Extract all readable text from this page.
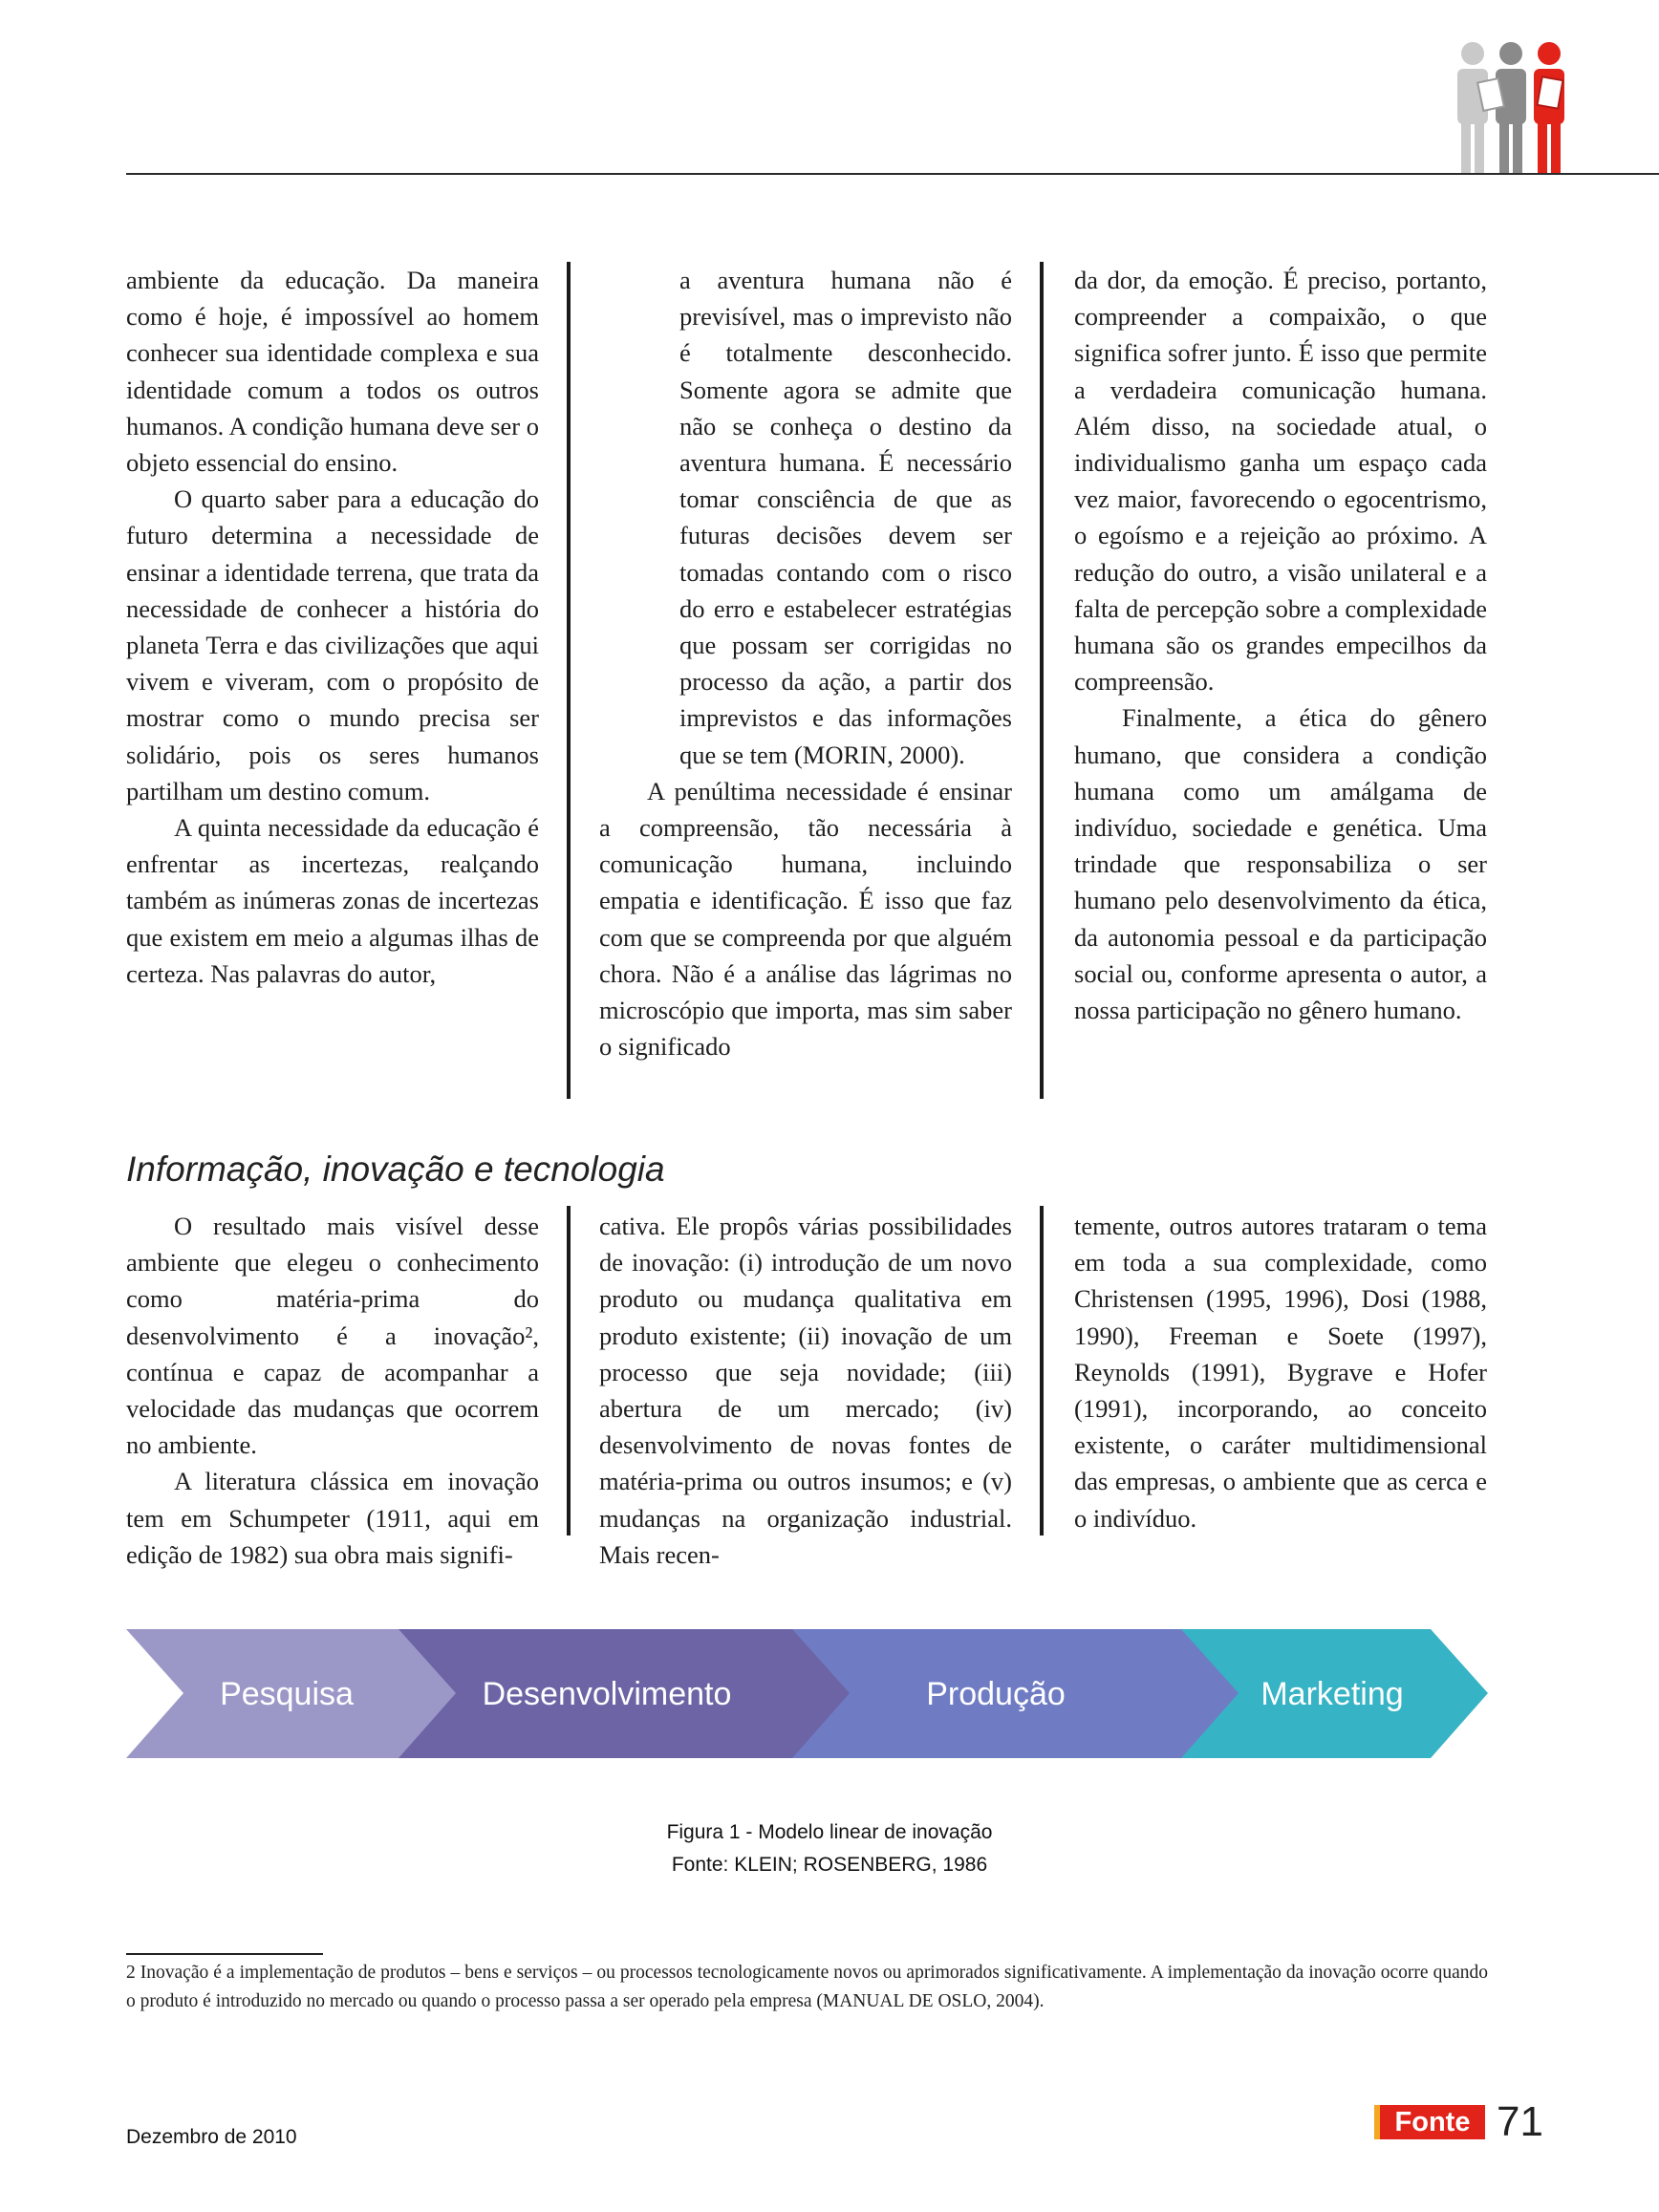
ambiente da educação. Da maneira como é hoje, é impossível ao homem conhecer sua identidade complexa e sua identidade comum a todos os outros humanos. A condição humana deve ser o objeto essencial do ensino.

O quarto saber para a educação do futuro determina a necessidade de ensinar a identidade terrena, que trata da necessidade de conhecer a história do planeta Terra e das civilizações que aqui vivem e viveram, com o propósito de mostrar como o mundo precisa ser solidário, pois os seres humanos partilham um destino comum.

A quinta necessidade da educação é enfrentar as incertezas, realçando também as inúmeras zonas de incertezas que existem em meio a algumas ilhas de certeza. Nas palavras do autor,

a aventura humana não é previsível, mas o imprevisto não é totalmente desconhecido. Somente agora se admite que não se conheça o destino da aventura humana. É necessário tomar consciência de que as futuras decisões devem ser tomadas contando com o risco do erro e estabelecer estratégias que possam ser corrigidas no processo da ação, a partir dos imprevistos e das informações que se tem (MORIN, 2000).

A penúltima necessidade é ensinar a compreensão, tão necessária à comunicação humana, incluindo empatia e identificação. É isso que faz com que se compreenda por que alguém chora. Não é a análise das lágrimas no microscópio que importa, mas sim saber o significado

da dor, da emoção. É preciso, portanto, compreender a compaixão, o que significa sofrer junto. É isso que permite a verdadeira comunicação humana. Além disso, na sociedade atual, o individualismo ganha um espaço cada vez maior, favorecendo o egocentrismo, o egoísmo e a rejeição ao próximo. A redução do outro, a visão unilateral e a falta de percepção sobre a complexidade humana são os grandes empecilhos da compreensão.

Finalmente, a ética do gênero humano, que considera a condição humana como um amálgama de indivíduo, sociedade e genética. Uma trindade que responsabiliza o ser humano pelo desenvolvimento da ética, da autonomia pessoal e da participação social ou, conforme apresenta o autor, a nossa participação no gênero humano.

Informação, inovação e tecnologia

O resultado mais visível desse ambiente que elegeu o conhecimento como matéria-prima do desenvolvimento é a inovação², contínua e capaz de acompanhar a velocidade das mudanças que ocorrem no ambiente.

A literatura clássica em inovação tem em Schumpeter (1911, aqui em edição de 1982) sua obra mais signifi-

cativa. Ele propôs várias possibilidades de inovação: (i) introdução de um novo produto ou mudança qualitativa em produto existente; (ii) inovação de um processo que seja novidade; (iii) abertura de um mercado; (iv) desenvolvimento de novas fontes de matéria-prima ou outros insumos; e (v) mudanças na organização industrial. Mais recen-

temente, outros autores trataram o tema em toda a sua complexidade, como Christensen (1995, 1996), Dosi (1988, 1990), Freeman e Soete (1997), Reynolds (1991), Bygrave e Hofer (1991), incorporando, ao conceito existente, o caráter multidimensional das empresas, o ambiente que as cerca e o indivíduo.

Pesquisa	Desenvolvimento	Produção	Marketing
Figura 1 - Modelo linear de inovação
Fonte: KLEIN; ROSENBERG, 1986

2 Inovação é a implementação de produtos – bens e serviços – ou processos tecnologicamente novos ou aprimorados significativamente. A implementação da inovação ocorre quando o produto é introduzido no mercado ou quando o processo passa a ser operado pela empresa (MANUAL DE OSLO, 2004).

Dezembro de 2010	Fonte 71
